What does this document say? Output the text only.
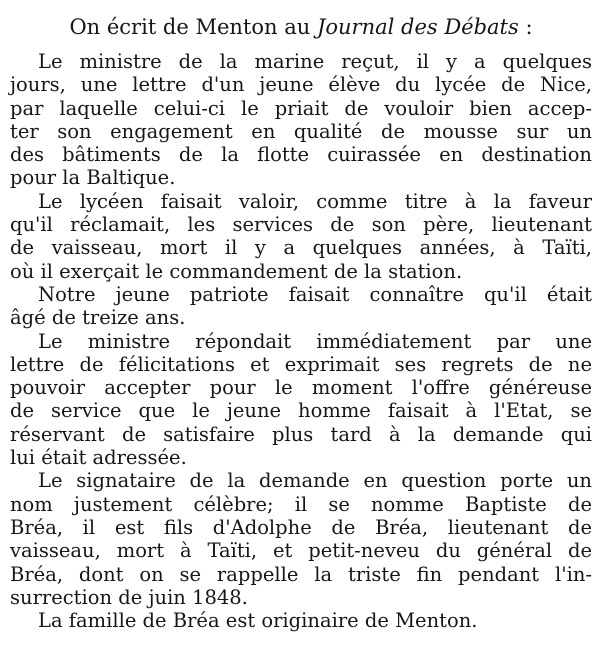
On écrit de Menton au Journal des Débats :
Le ministre de la marine reçut, il y a quelques
jours, une lettre d'un jeune élève du lycée de Nice,
par laquelle celui-ci le priait de vouloir bien accep-
ter son engagement en qualité de mousse sur un
des bâtiments de la flotte cuirassée en destination
pour la Baltique.
Le lycéen faisait valoir, comme titre à la faveur
qu'il réclamait, les services de son père, lieutenant
de vaisseau, mort il y a quelques années, à Taïti,
où il exerçait le commandement de la station.
Notre jeune patriote faisait connaître qu'il était
âgé de treize ans.
Le ministre répondait immédiatement par une
lettre de félicitations et exprimait ses regrets de ne
pouvoir accepter pour le moment l'offre généreuse
de service que le jeune homme faisait à l'Etat, se
réservant de satisfaire plus tard à la demande qui
lui était adressée.
Le signataire de la demande en question porte un
nom justement célèbre; il se nomme Baptiste de
Bréa, il est fils d'Adolphe de Bréa, lieutenant de
vaisseau, mort à Taïti, et petit-neveu du général de
Bréa, dont on se rappelle la triste fin pendant l'in-
surrection de juin 1848.
La famille de Bréa est originaire de Menton.
